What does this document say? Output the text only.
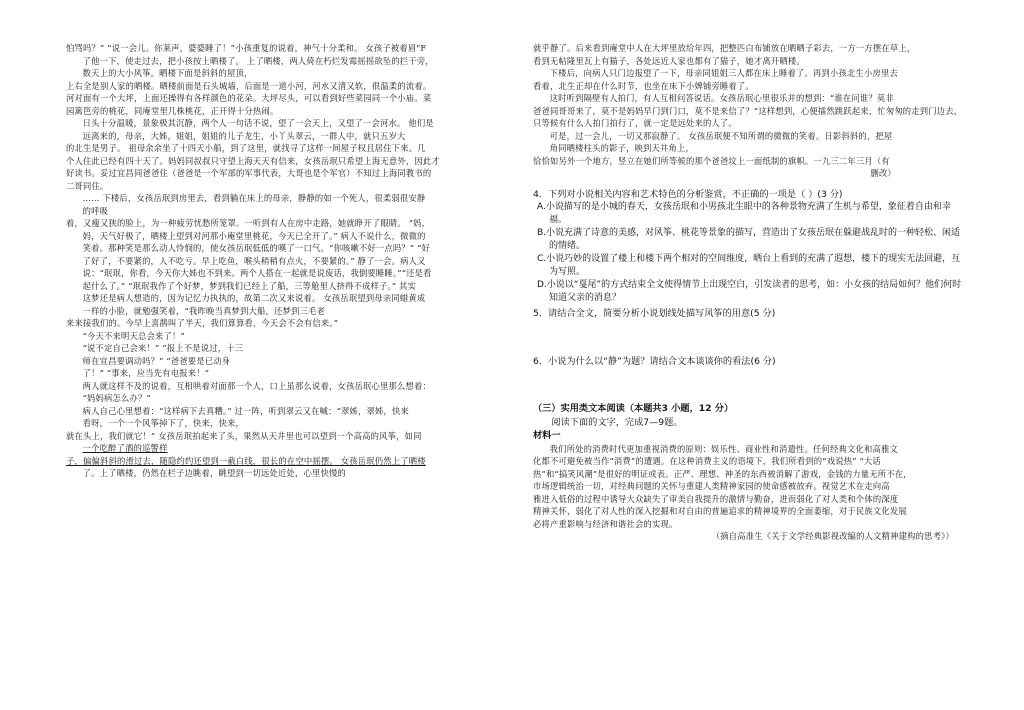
怕骂吗？” “说一会儿。你莱声，婆婆睡了！”小孩重复的说着，神气十分柔和。 女孩子被着眉"F

了他一下，使走过去，把小孩按上晒楼了。 上了晒楼，两人倚在朽烂发霉摇摇欲坠的拦干旁，

数天上的大小风筝。晒楼下面是斜斜的屋顶，

上右全是别人家的晒楼。晒楼前面是石头城墙，后面是一道小河，河水又清又软，很温柔的流着。

河对面有一个大坪，上面还操得有各样颜色的花朵。大坪尽头，可以看到好些菜园同一个小庙。菜

园篱笆旁的桃花，同庵堂里几株桃花，正开得十分热闹。

日头十分温暖，景象极其沉静，两个人一句话不说，望了一会天上，又望了一会河水。 他们是

远离来的，母亲，大姊，姐姐，姐姐的儿子龙生，小丫头翠云，一群人中，就只五岁大

的北生是男子。 祖母余余坐了十四天小船，到了这里，就找寻了这样一间屋子权且居住下来。几

个人住此已经有四十天了。妈妈同叔叔只守望上海天天有信来，女孩岳珉只希望上海无意外，因此才

好读书。妥过宜昌同爸爸住（爸爸是一个军部的军事代表，大哥也是个军官）不知过上海同教书的

二哥同住。

…… 下楼后，女孩岳珉到房里去，看到躺在床上的母亲，静静的如一个死人，很柔弱很安静

的呼吸

着，又瘦又狭的脸上，为一种疲劳忧愁所笼罩。一听到有人在房中走路，她就睁开了眼睛。 “妈，

妈，天气好极了，晒楼上望到对河那小庵堂里桃花，今天已全开了。” 病人不说什么，微微的

笑着。那种笑是那么动人怜悯的，使女孩岳珉低低的嘆了一口气。“你咳嗽不好一点吗？” “好

了好了，不要紧的，人不吃亏。早上吃鱼，喉头稍稍有点火，不要紧的。” 静了一会。病人又

说：“珉珉，你看，今天你大姊也不到来。两个人搭在一起就是说废话，我倒要睡睡。”“还是看

起什么了。” “珉珉我作了个好梦，梦到我们已经上了船，三等舱里人挤得不成样子。” 其实

这梦还是病人想造的，因为记忆力执执的，故第二次又来说着。 女孩岳珉望到母亲同蜡黄成

一样的小脸，就勉强笑着，“我昨晚当真梦到大船，还梦到三毛老

来来接我们的。今早上喜鹊叫了半天，我们算算看，今天会不会有信来。”

“今天不来明天总会来了！”

“说不定自己会来！” “报上不是说过，十三

师在宜昌要调动吗？” “爸爸要是已动身

了！” “事来，应当先有电报来！”

两人就这样不及的说着，互相哄着对面那一个人，口上虽那么说着，女孩岳珉心里那么想着：

“妈妈病怎么办？”

病人自己心里想着：“这样病下去真糟。” 过一阵，听到翠云又在喊：“翠姊，翠姊，快来

看呀，一个一个风筝掉下了，快来，快来，

就在头上，我们就它！” 女孩岳珉拍起来了头，果然从天井里也可以望到一个高高的风筝，如同

一个吃醉了酒的巡警样

子，偏偏斜斜的滑过去，随隐约约还望到一截白线，很长的在空中摇摆。 女孩岳珉仍然上了晒楼

了。上了晒楼，仍然在栏子边眺着，眺望到一切远处近处，心里快慢的

就乎静了。后来看到庵堂中人在大坪里放给年四，把整匹白布铺放在晒晒子彩去，一方一方摆在草上，

看到无帖隆里瓦上有猫子，各处远近人家也都有了猫子，她才离开晒楼。

下楼后，向病人只门边报望了一下，母亲同姐姐三人都在床上睡着了。再到小孩北生小房里去

看着，北生正却在什么时节，也坐在床下小婢铺旁睡着了。

这时听到隔壁有人拍门，有人互相问答说话。女孩岳珉心里很乐并的想到：“谁在问谁？莫非

爸爸同哥哥来了，莫不是妈妈早门到门口，莫不是来信了？”这样想到，心便擂然跳跃起来，忙匆匆的走到门边去，

只等候有什么人拍门拍行了，就一定是远处来的人了。

可是，过一会儿，一切又那寂静了。 女孩岳珉便不知所谓的微微的笑着。日影斜斜的，把屋

角同晒楼柱头的影子，映到天井角上，

恰恰如另外一个地方，竖立在她们所等候的那个爸爸坟上一面纸制的旗帜。一九三二年三月（有

删改）

4．下列对小说相关内容和艺术特色的分析鉴赏，不正确的一项是（ ）(3 分)

A.小说描写的是小城的春天，女孩岳珉和小男孩北生眼中的各种景物充满了生机与希望，象征着自由和幸福。

B.小说充满了诗意的美感，对风筝、桃花等景象的描写，营造出了女孩岳珉在躲避战乱时的一种轻松、闲适的情绪。

C.小说巧妙的设置了楼上和楼下两个相对的空间维度，晒台上看到的充满了遐想，楼下的现实无法回避，互为写照。

D.小说以“戛尾”的方式结束全文使得情节上出现空白，引发读者的思考，如：小女孩的结局如何？他们何时知道父亲的消息？

5．请结合全文，简要分析小说划线处描写风筝的用意(5 分)

6．小说为什么以“静”为题？请结合文本谈谈你的看法(6 分)

（三）实用类文本阅读（本题共3 小题，12 分）

阅读下面的文字，完成7—9题。

材料一

我们所处的消费时代更加重视消费的原则：娱乐性、商业性和消遣性。任何经典文化和高雅文

化都不可避免被当作“消费”的遭遇。在这种消费主义的语境下，我们所看到的“戏说热” “大话

热”和“搞笑风潮”是很好的明证或表。正严、理想、神圣的东西被消解了游戏，金钱的力量无所不在，

市场逻辑统治一切，对经典问题的关怀与重建人类精神家园的使命感被放弃。视觉艺术在走向高

雅进入低俗的过程中诱导大众缺失了审美自我提升的激情与勤奋，进而弱化了对人类和个体的深度

精神关怀，弱化了对人性的深入挖掘和对自由的普遍追求的精神境界的全面萎缩，对于民族文化发展

必将产重影响与经济和谐社会的实现。

（摘自高准生《关于文学经典影视改编的人文精神建构的思考》）
